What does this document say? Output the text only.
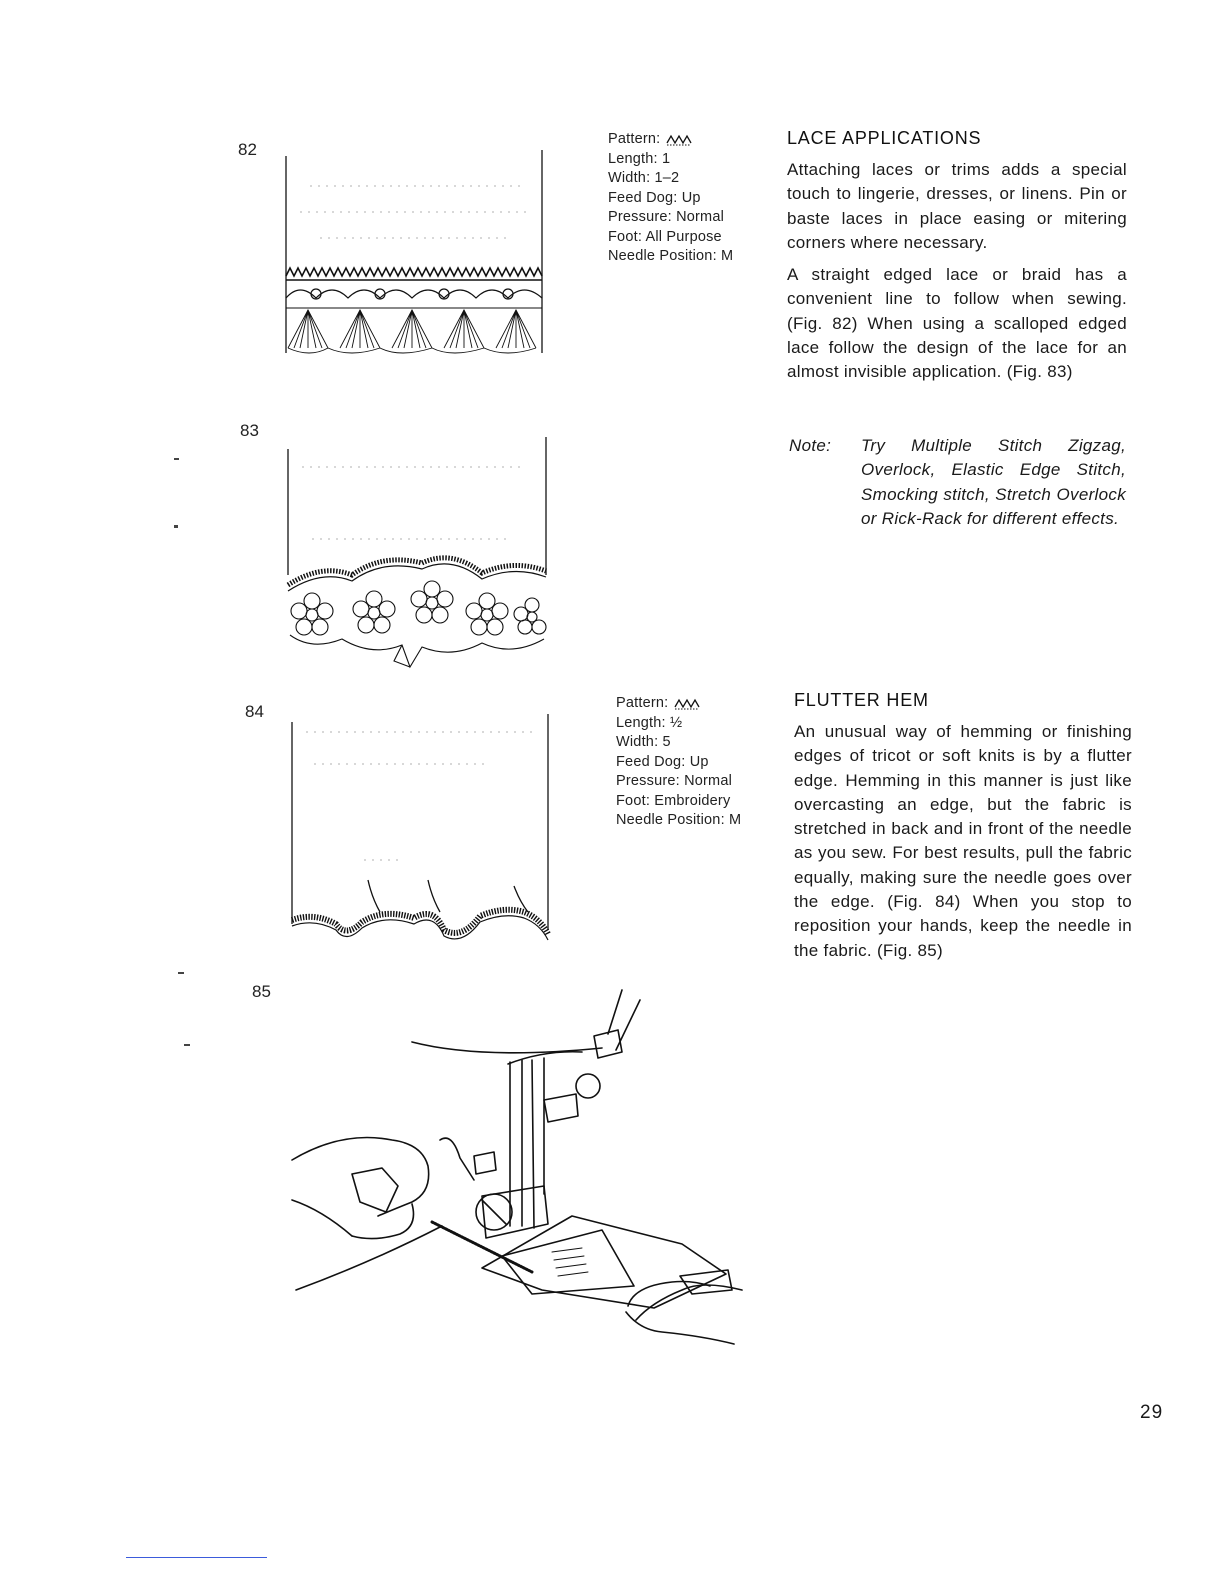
82
83
84
85
Pattern:
Length: 1
Width: 1–2
Feed Dog: Up
Pressure: Normal
Foot: All Purpose
Needle Position: M
LACE APPLICATIONS

Attaching laces or trims adds a special touch to lingerie, dresses, or linens. Pin or baste laces in place easing or mitering corners where necessary.

A straight edged lace or braid has a convenient line to follow when sewing. (Fig. 82) When using a scalloped edged lace follow the design of the lace for an almost invisible application. (Fig. 83)

Note: Try Multiple Stitch Zigzag, Overlock, Elastic Edge Stitch, Smocking stitch, Stretch Overlock or Rick-Rack for different effects.
Pattern:
Length: ½
Width: 5
Feed Dog: Up
Pressure: Normal
Foot: Embroidery
Needle Position: M
FLUTTER HEM

An unusual way of hemming or finishing edges of tricot or soft knits is by a flutter edge. Hemming in this manner is just like overcasting an edge, but the fabric is stretched in back and in front of the needle as you sew. For best results, pull the fabric equally, making sure the needle goes over the edge. (Fig. 84) When you stop to reposition your hands, keep the needle in the fabric. (Fig. 85)

29
